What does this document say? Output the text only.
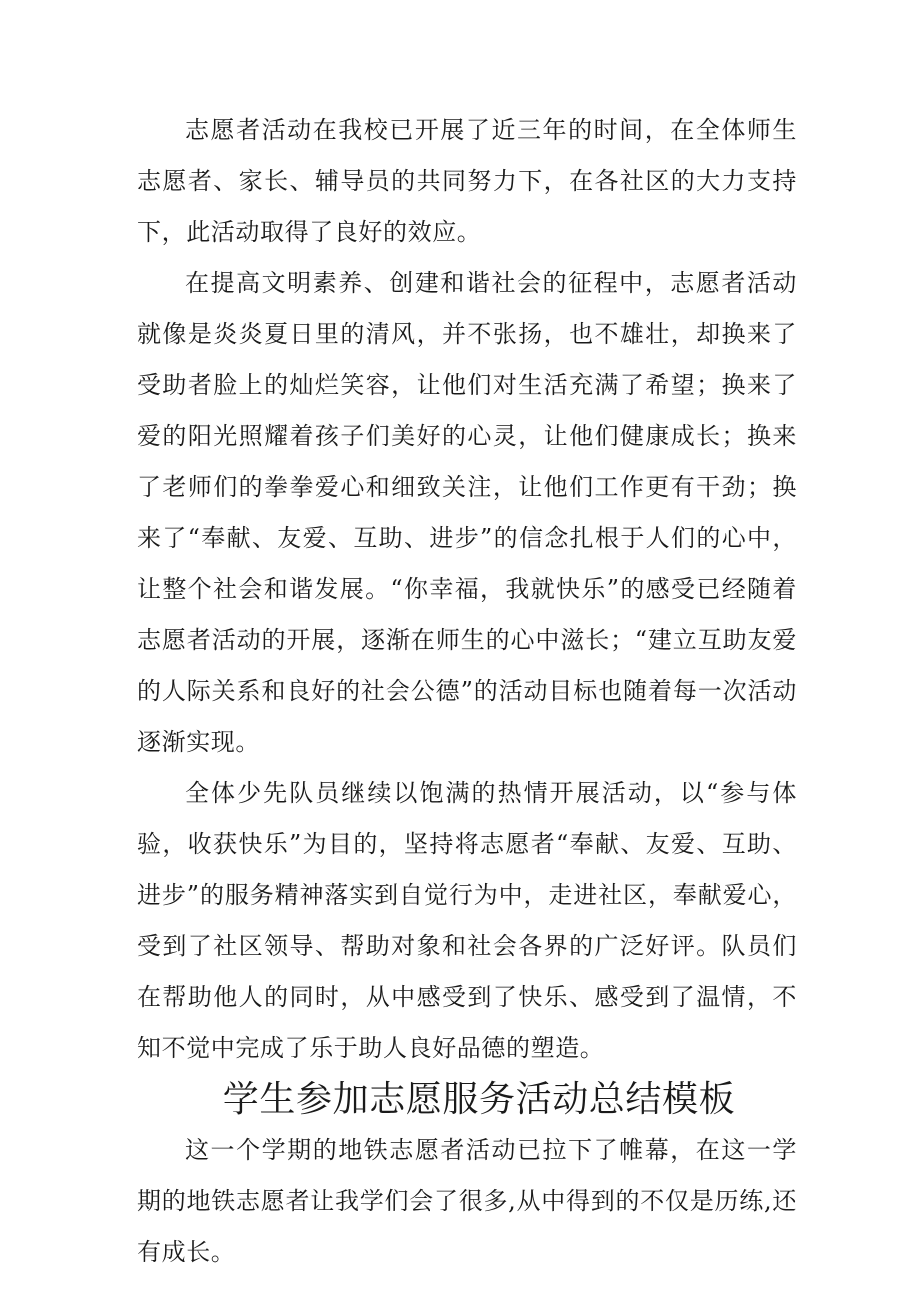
志愿者活动在我校已开展了近三年的时间，在全体师生志愿者、家长、辅导员的共同努力下，在各社区的大力支持下，此活动取得了良好的效应。

在提高文明素养、创建和谐社会的征程中，志愿者活动就像是炎炎夏日里的清风，并不张扬，也不雄壮，却换来了受助者脸上的灿烂笑容，让他们对生活充满了希望；换来了爱的阳光照耀着孩子们美好的心灵，让他们健康成长；换来了老师们的拳拳爱心和细致关注，让他们工作更有干劲；换来了“奉献、友爱、互助、进步”的信念扎根于人们的心中，让整个社会和谐发展。“你幸福，我就快乐”的感受已经随着志愿者活动的开展，逐渐在师生的心中滋长；“建立互助友爱的人际关系和良好的社会公德”的活动目标也随着每一次活动逐渐实现。

全体少先队员继续以饱满的热情开展活动，以“参与体验，收获快乐”为目的，坚持将志愿者“奉献、友爱、互助、进步”的服务精神落实到自觉行为中，走进社区，奉献爱心，受到了社区领导、帮助对象和社会各界的广泛好评。队员们在帮助他人的同时，从中感受到了快乐、感受到了温情，不知不觉中完成了乐于助人良好品德的塑造。

学生参加志愿服务活动总结模板

这一个学期的地铁志愿者活动已拉下了帷幕，在这一学期的地铁志愿者让我学们会了很多,从中得到的不仅是历练,还有成长。
